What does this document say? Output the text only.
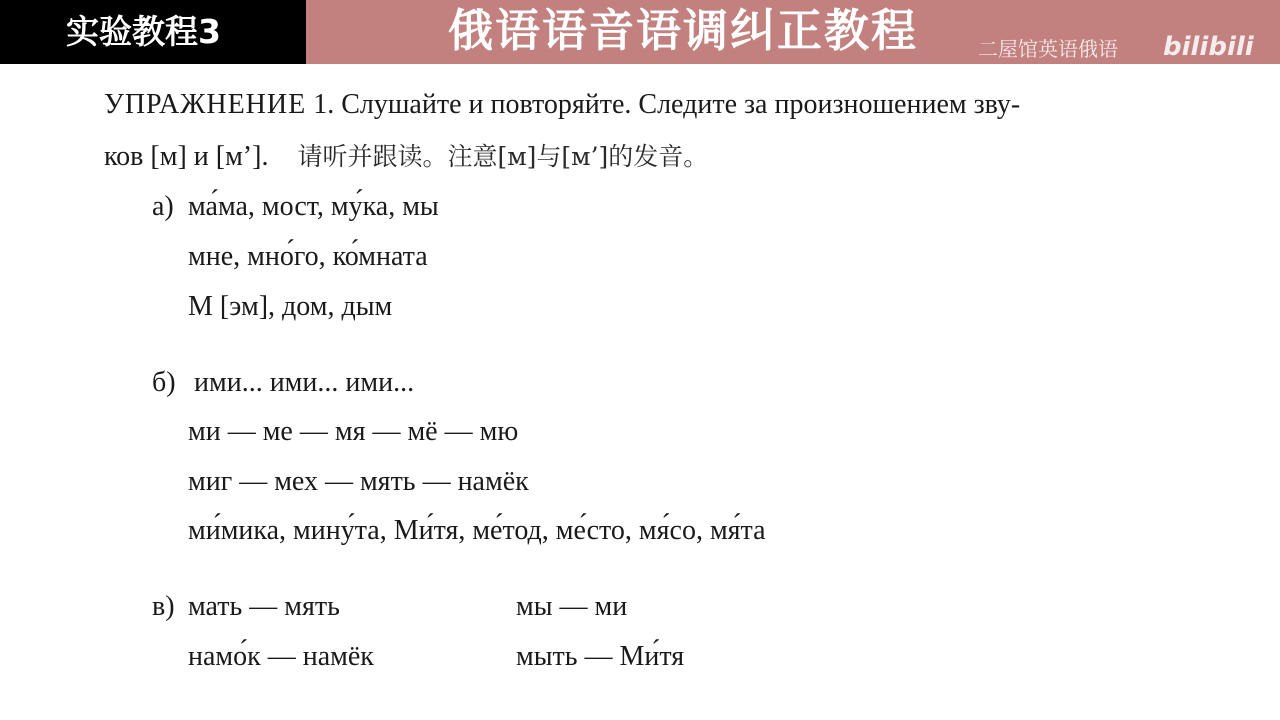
实验教程3	俄语语音语调纠正教程	二屋馆英语俄语 bilibili
УПРАЖНЕНИЕ 1. Слушайте и повторяйте. Следите за произношением зву-
ков [м] и [м’]. 请听并跟读。注意[м]与[м’]的发音。
а) ма́ма, мост, му́ка, мы
мне, мно́го, ко́мната
М [эм], дом, дым
б) ими... ими... ими...
ми — ме — мя — мё — мю
миг — мех — мять — намёк
ми́мика, мину́та, Ми́тя, ме́тод, ме́сто, мя́со, мя́та
в) мать — мять
намо́к — намёк
мы — ми
мыть — Ми́тя
